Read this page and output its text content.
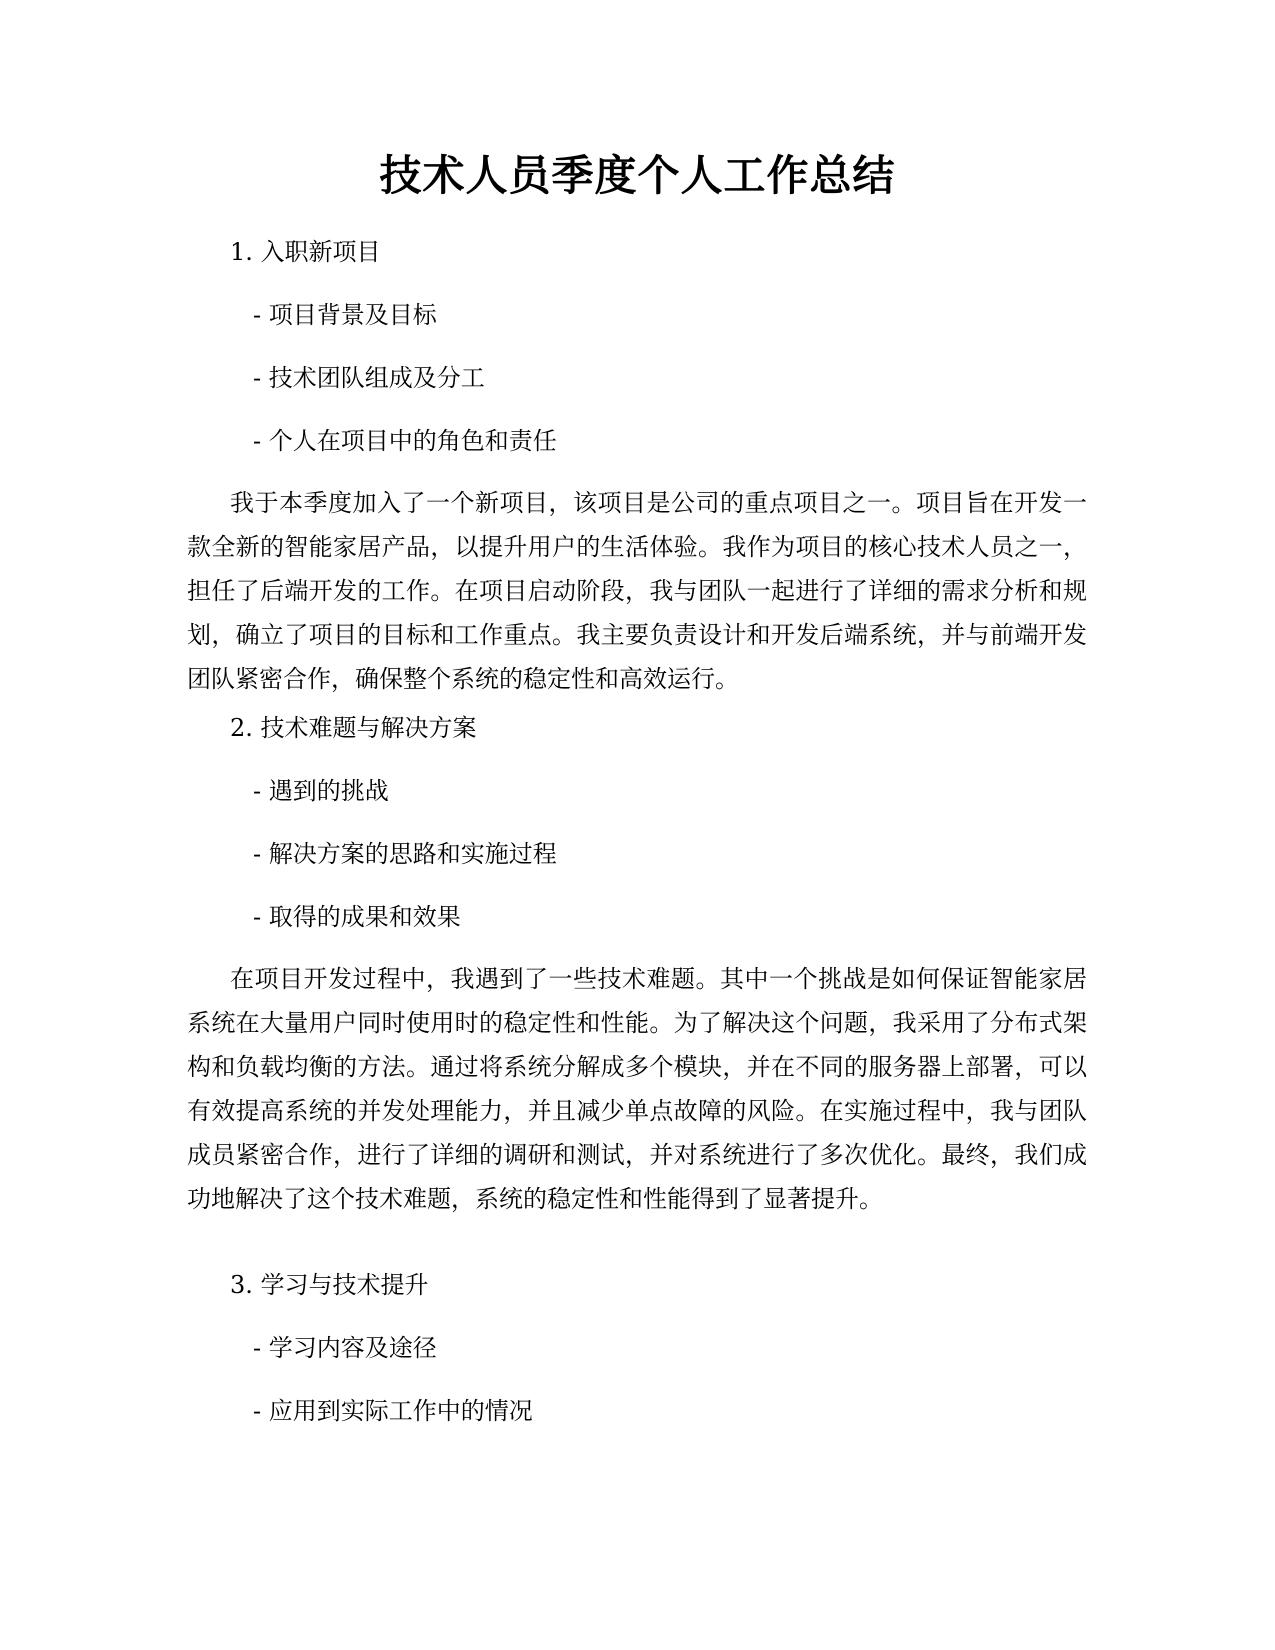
技术人员季度个人工作总结
1. 入职新项目
- 项目背景及目标
- 技术团队组成及分工
- 个人在项目中的角色和责任

我于本季度加入了一个新项目，该项目是公司的重点项目之一。项目旨在开发一款全新的智能家居产品，以提升用户的生活体验。我作为项目的核心技术人员之一，担任了后端开发的工作。在项目启动阶段，我与团队一起进行了详细的需求分析和规划，确立了项目的目标和工作重点。我主要负责设计和开发后端系统，并与前端开发团队紧密合作，确保整个系统的稳定性和高效运行。

2. 技术难题与解决方案
- 遇到的挑战
- 解决方案的思路和实施过程
- 取得的成果和效果

在项目开发过程中，我遇到了一些技术难题。其中一个挑战是如何保证智能家居系统在大量用户同时使用时的稳定性和性能。为了解决这个问题，我采用了分布式架构和负载均衡的方法。通过将系统分解成多个模块，并在不同的服务器上部署，可以有效提高系统的并发处理能力，并且减少单点故障的风险。在实施过程中，我与团队成员紧密合作，进行了详细的调研和测试，并对系统进行了多次优化。最终，我们成功地解决了这个技术难题，系统的稳定性和性能得到了显著提升。

3. 学习与技术提升
- 学习内容及途径
- 应用到实际工作中的情况
